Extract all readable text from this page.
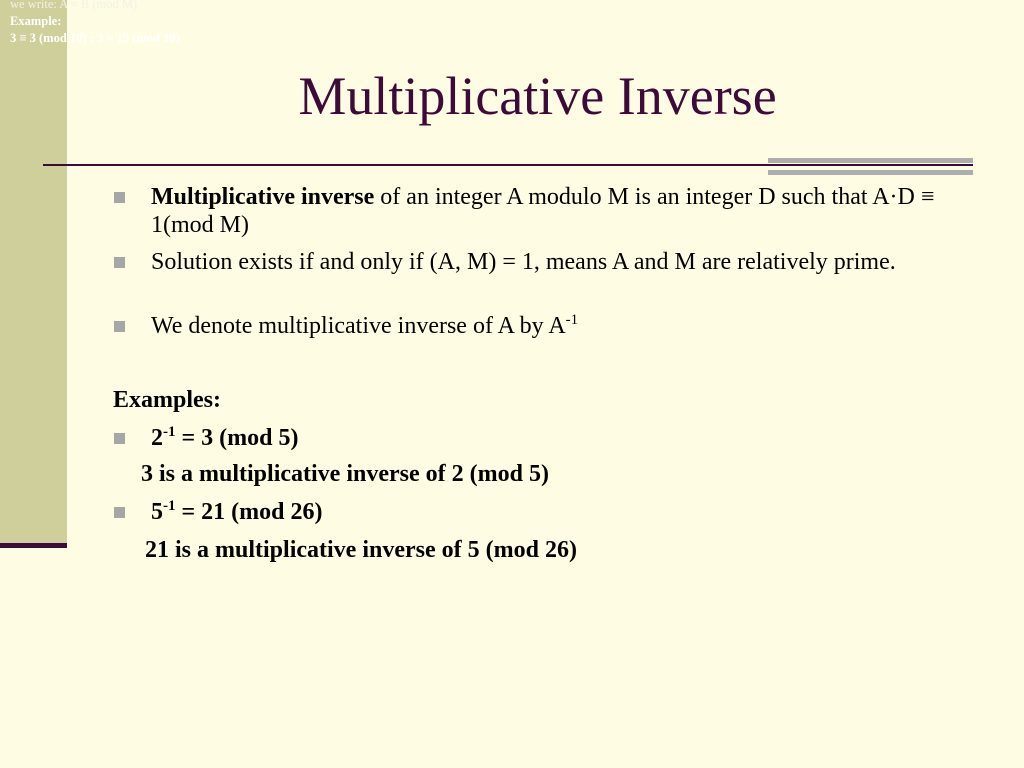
we write: A ≡ B (mod M)
Example:
3 ≡ 3 (mod 10) ; 3 ≡ 13 (mod 10)
Multiplicative Inverse
Multiplicative inverse of an integer A modulo M is an integer D such that A·D ≡ 1(mod M)
Solution exists if and only if (A, M) = 1, means A and M are relatively prime.
We denote multiplicative inverse of A by $A^{-1}$
Examples:
$2^{-1} = 3$ (mod 5)
3 is a multiplicative inverse of 2 (mod 5)
$5^{-1} = 21$ (mod 26)
21 is a multiplicative inverse of 5 (mod 26)
